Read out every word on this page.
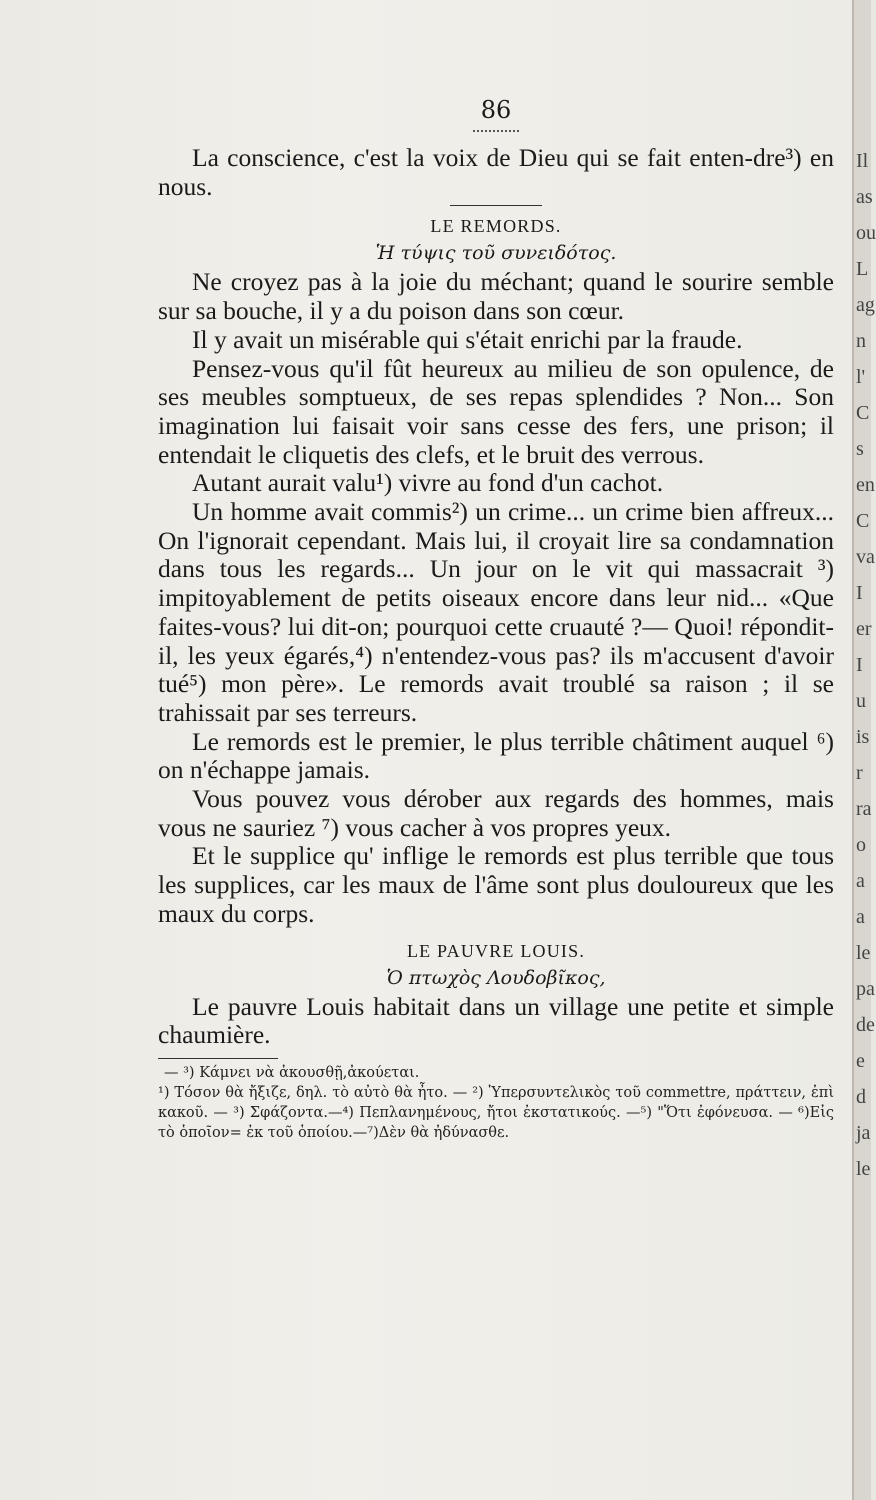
86

La conscience, c'est la voix de Dieu qui se fait enten-dre³) en nous.

LE REMORDS.
Ἡ τύψις τοῦ συνειδότος.

Ne croyez pas à la joie du méchant; quand le sourire semble sur sa bouche, il y a du poison dans son cœur.

Il y avait un misérable qui s'était enrichi par la fraude.

Pensez-vous qu'il fût heureux au milieu de son opulence, de ses meubles somptueux, de ses repas splendides ? Non... Son imagination lui faisait voir sans cesse des fers, une prison; il entendait le cliquetis des clefs, et le bruit des verrous.

Autant aurait valu¹) vivre au fond d'un cachot.

Un homme avait commis²) un crime... un crime bien affreux... On l'ignorait cependant. Mais lui, il croyait lire sa condamnation dans tous les regards... Un jour on le vit qui massacrait ³) impitoyablement de petits oiseaux encore dans leur nid... «Que faites-vous? lui dit-on; pourquoi cette cruauté ?— Quoi! répondit-il, les yeux égarés,⁴) n'entendez-vous pas? ils m'accusent d'avoir tué⁵) mon père». Le remords avait troublé sa raison ; il se trahissait par ses terreurs.

Le remords est le premier, le plus terrible châtiment auquel ⁶) on n'échappe jamais.

Vous pouvez vous dérober aux regards des hommes, mais vous ne sauriez ⁷) vous cacher à vos propres yeux.

Et le supplice qu' inflige le remords est plus terrible que tous les supplices, car les maux de l'âme sont plus douloureux que les maux du corps.

LE PAUVRE LOUIS.
Ὁ πτωχὸς Λουδοβῖκος,

Le pauvre Louis habitait dans un village une petite et simple chaumière.

— ³) Κάμνει νὰ ἀκουσθῇ,ἀκούεται.
¹) Τόσον θὰ ἤξιζε, δηλ. τὸ αὐτὸ θὰ ἦτο. — ²) Ὑπερσυντελικὸς τοῦ commettre, πράττειν, ἐπὶ κακοῦ. — ³) Σφάζοντα.—⁴) Πεπλανημένους, ἤτοι ἐκστατικούς. —⁵) "Ὅτι ἐφόνευσα. — ⁶)Εἰς τὸ ὁποῖον= ἐκ τοῦ ὁποίου.—⁷)Δὲν θὰ ἠδύνασθε.
Il
as
ou
L
ag
n
l'
C
s
en
C
va
I
er
I
u
is
r
ra
o
a
a
le
pa
de
e
d
ja
le
